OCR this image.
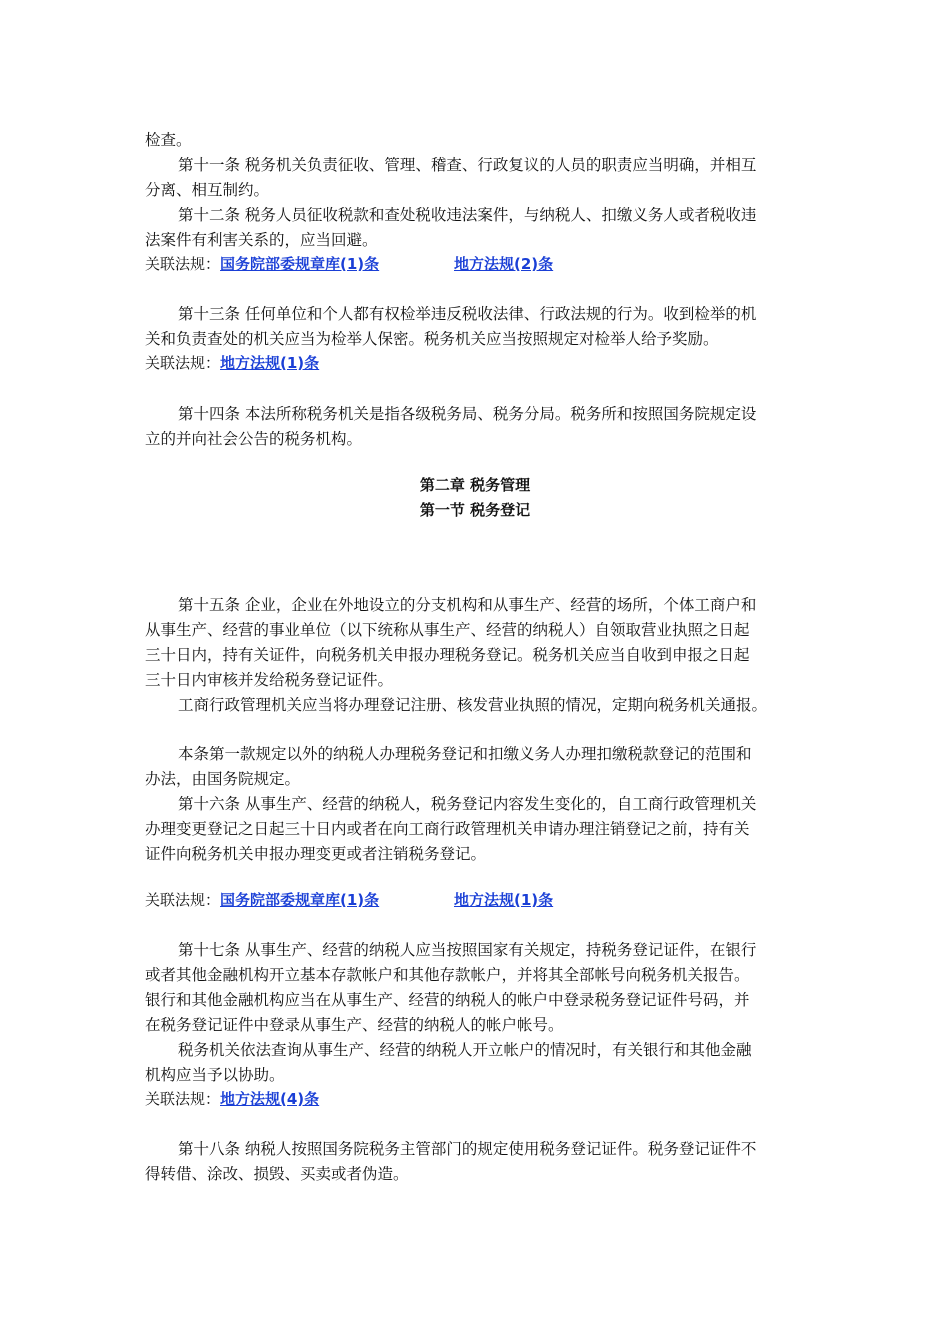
检查。
第十一条 税务机关负责征收、管理、稽查、行政复议的人员的职责应当明确，并相互
分离、相互制约。
第十二条 税务人员征收税款和查处税收违法案件，与纳税人、扣缴义务人或者税收违
法案件有利害关系的，应当回避。
关联法规：国务院部委规章库(1)条	地方法规(2)条
第十三条 任何单位和个人都有权检举违反税收法律、行政法规的行为。收到检举的机
关和负责查处的机关应当为检举人保密。税务机关应当按照规定对检举人给予奖励。
关联法规：地方法规(1)条
第十四条 本法所称税务机关是指各级税务局、税务分局。税务所和按照国务院规定设
立的并向社会公告的税务机构。
第二章 税务管理
第一节 税务登记
第十五条 企业，企业在外地设立的分支机构和从事生产、经营的场所，个体工商户和
从事生产、经营的事业单位（以下统称从事生产、经营的纳税人）自领取营业执照之日起
三十日内，持有关证件，向税务机关申报办理税务登记。税务机关应当自收到申报之日起
三十日内审核并发给税务登记证件。
工商行政管理机关应当将办理登记注册、核发营业执照的情况，定期向税务机关通报。
本条第一款规定以外的纳税人办理税务登记和扣缴义务人办理扣缴税款登记的范围和
办法，由国务院规定。
第十六条 从事生产、经营的纳税人，税务登记内容发生变化的，自工商行政管理机关
办理变更登记之日起三十日内或者在向工商行政管理机关申请办理注销登记之前，持有关
证件向税务机关申报办理变更或者注销税务登记。
关联法规：国务院部委规章库(1)条	地方法规(1)条
第十七条 从事生产、经营的纳税人应当按照国家有关规定，持税务登记证件，在银行
或者其他金融机构开立基本存款帐户和其他存款帐户，并将其全部帐号向税务机关报告。
银行和其他金融机构应当在从事生产、经营的纳税人的帐户中登录税务登记证件号码，并
在税务登记证件中登录从事生产、经营的纳税人的帐户帐号。
税务机关依法查询从事生产、经营的纳税人开立帐户的情况时，有关银行和其他金融
机构应当予以协助。
关联法规：地方法规(4)条
第十八条 纳税人按照国务院税务主管部门的规定使用税务登记证件。税务登记证件不
得转借、涂改、损毁、买卖或者伪造。
